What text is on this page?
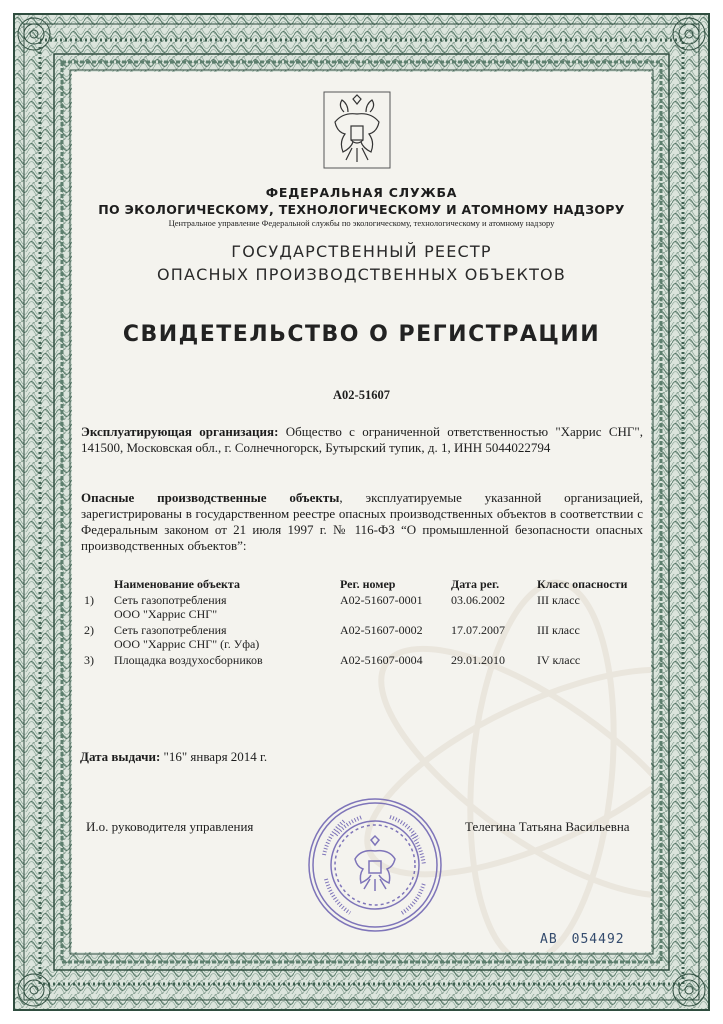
ФЕДЕРАЛЬНАЯ СЛУЖБА
ПО ЭКОЛОГИЧЕСКОМУ, ТЕХНОЛОГИЧЕСКОМУ И АТОМНОМУ НАДЗОРУ
Центральное управление Федеральной службы по экологическому, технологическому и атомному надзору
ГОСУДАРСТВЕННЫЙ РЕЕСТР
ОПАСНЫХ ПРОИЗВОДСТВЕННЫХ ОБЪЕКТОВ
СВИДЕТЕЛЬСТВО О РЕГИСТРАЦИИ
А02-51607
Эксплуатирующая организация: Общество с ограниченной ответственностью "Харрис СНГ", 141500, Московская обл., г. Солнечногорск, Бутырский тупик, д. 1, ИНН 5044022794
Опасные производственные объекты, эксплуатируемые указанной организацией, зарегистрированы в государственном реестре опасных производственных объектов в соответствии с Федеральным законом от 21 июля 1997 г. № 116-ФЗ “О промышленной безопасности опасных производственных объектов”:
	Наименование объекта	Рег. номер	Дата рег.	Класс опасности
1)	Сеть газопотребления
ООО "Харрис СНГ"	А02-51607-0001	03.06.2002	III класс
2)	Сеть газопотребления
ООО "Харрис СНГ" (г. Уфа)	А02-51607-0002	17.07.2007	III класс
3)	Площадка воздухосборников	А02-51607-0004	29.01.2010	IV класс
Дата выдачи: "16" января 2014 г.
И.о. руководителя управления	Телегина Татьяна Васильевна
АВ 054492
